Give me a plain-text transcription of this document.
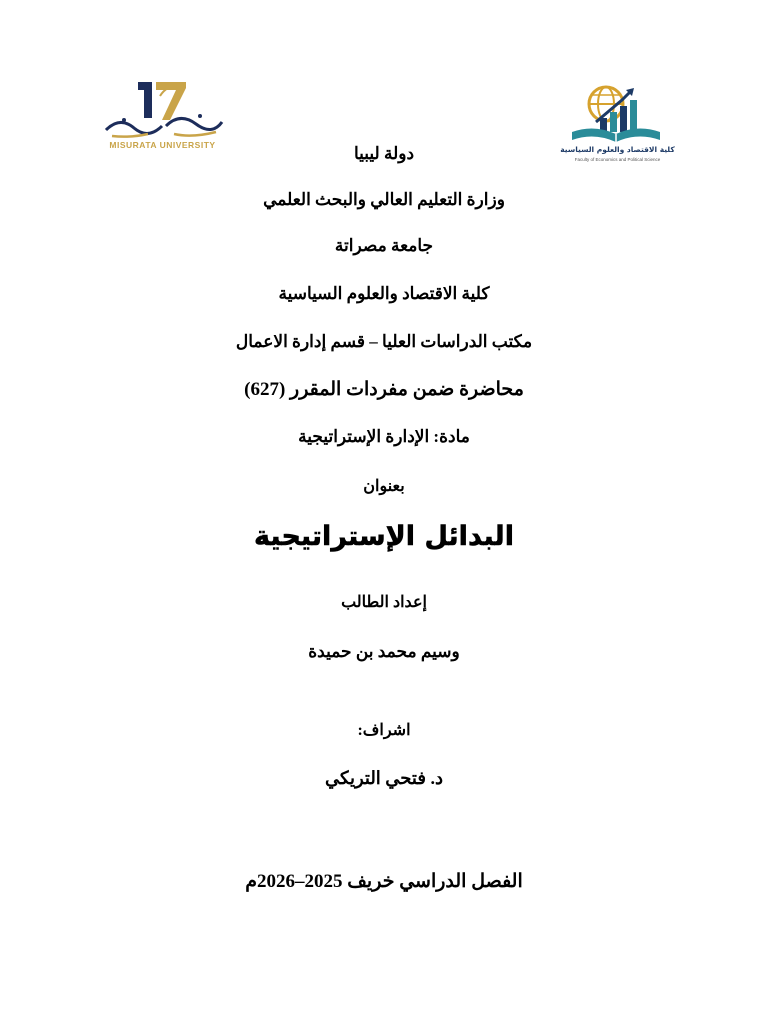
MISURATA UNIVERSITY	كلية الاقتصاد والعلوم السياسية
Faculty of Economics and Political Science
دولة ليبيا
وزارة التعليم العالي والبحث العلمي
جامعة مصراتة
كلية الاقتصاد والعلوم السياسية
مكتب الدراسات العليا – قسم إدارة الاعمال
محاضرة ضمن مفردات المقرر (627)
مادة: الإدارة الإستراتيجية
بعنوان
البدائل الإستراتيجية
إعداد الطالب
وسيم محمد بن حميدة
اشراف:
د. فتحي التريكي
الفصل الدراسي خريف 2025–2026م
